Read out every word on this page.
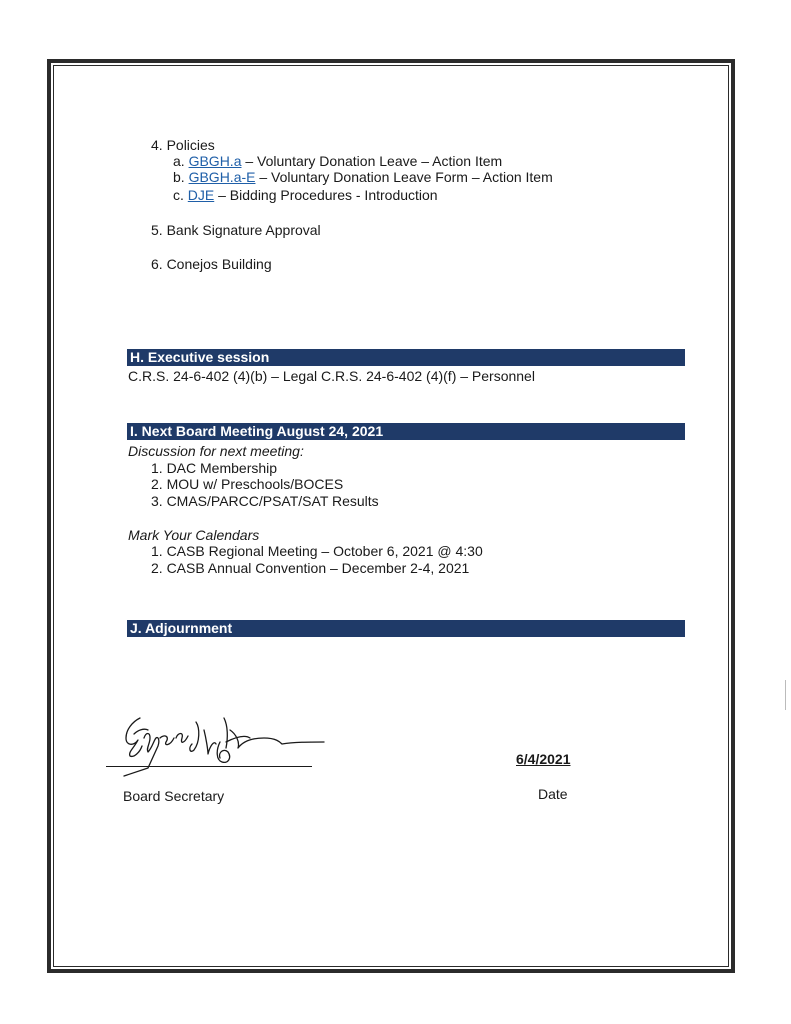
4. Policies
a. GBGH.a – Voluntary Donation Leave – Action Item
b. GBGH.a-E – Voluntary Donation Leave Form – Action Item
c. DJE – Bidding Procedures - Introduction
5. Bank Signature Approval
6. Conejos Building
H. Executive session
C.R.S. 24-6-402 (4)(b) – Legal C.R.S. 24-6-402 (4)(f) – Personnel
I. Next Board Meeting August 24, 2021
Discussion for next meeting:
1. DAC Membership
2. MOU w/ Preschools/BOCES
3. CMAS/PARCC/PSAT/SAT Results
Mark Your Calendars
1. CASB Regional Meeting – October 6, 2021 @ 4:30
2. CASB Annual Convention – December 2-4, 2021
J. Adjournment
Board Secretary
6/4/2021
Date
